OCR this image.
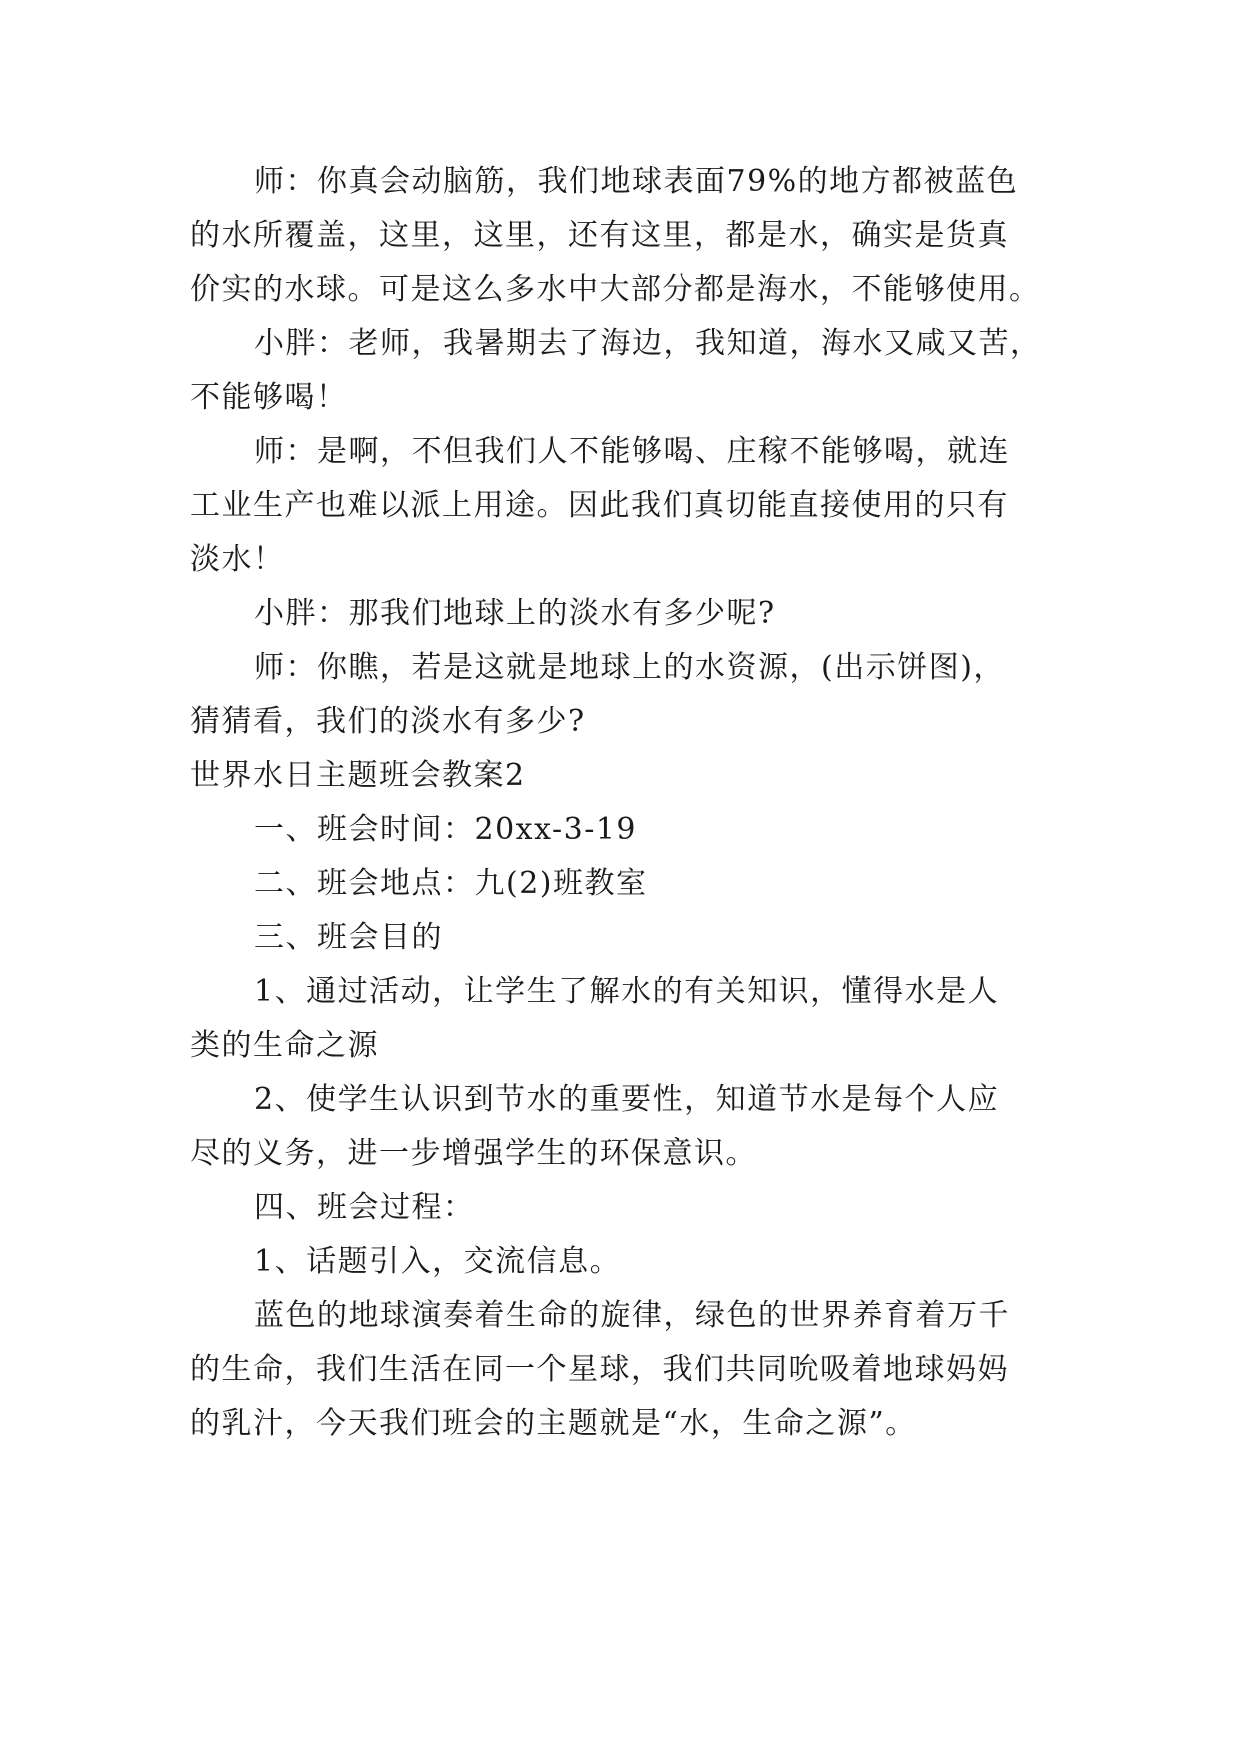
师：你真会动脑筋，我们地球表面79%的地方都被蓝色
的水所覆盖，这里，这里，还有这里，都是水，确实是货真
价实的水球。可是这么多水中大部分都是海水，不能够使用。
小胖：老师，我暑期去了海边，我知道，海水又咸又苦，
不能够喝！
师：是啊，不但我们人不能够喝、庄稼不能够喝，就连
工业生产也难以派上用途。因此我们真切能直接使用的只有
淡水！
小胖：那我们地球上的淡水有多少呢?
师：你瞧，若是这就是地球上的水资源，(出示饼图)，
猜猜看，我们的淡水有多少?
世界水日主题班会教案2
一、班会时间：20xx-3-19
二、班会地点：九(2)班教室
三、班会目的
1、通过活动，让学生了解水的有关知识，懂得水是人
类的生命之源
2、使学生认识到节水的重要性，知道节水是每个人应
尽的义务，进一步增强学生的环保意识。
四、班会过程：
1、话题引入，交流信息。
蓝色的地球演奏着生命的旋律，绿色的世界养育着万千
的生命，我们生活在同一个星球，我们共同吮吸着地球妈妈
的乳汁，今天我们班会的主题就是“水，生命之源”。
